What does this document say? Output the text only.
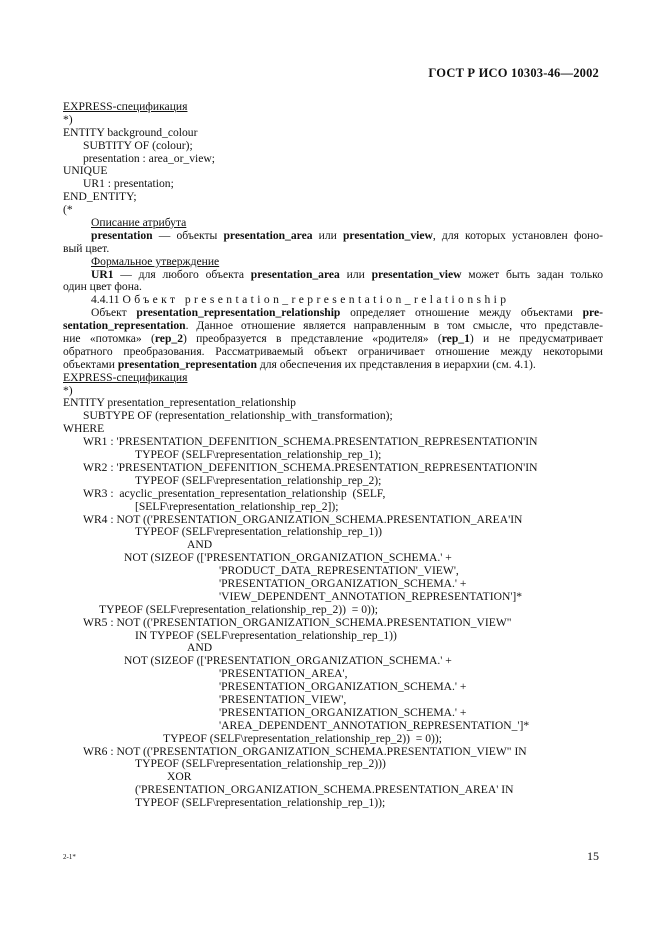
ГОСТ Р ИСО 10303-46—2002
EXPRESS-спецификация
*)
ENTITY background_colour
SUBTITY OF (colour);
presentation : area_or_view;
UNIQUE
UR1 : presentation;
END_ENTITY;
(*
Описание атрибута
presentation — объекты presentation_area или presentation_view, для которых установлен фоно-
вый цвет.
Формальное утверждение
UR1 — для любого объекта presentation_area или presentation_view может быть задан только
один цвет фона.
4.4.11 Объект presentation_representation_relationship
Объект presentation_representation_relationship определяет отношение между объектами pre-
sentation_representation. Данное отношение является направленным в том смысле, что представле-
ние «потомка» (rep_2) преобразуется в представление «родителя» (rep_1) и не предусматривает
обратного преобразования. Рассматриваемый объект ограничивает отношение между некоторыми
объектами presentation_representation для обеспечения их представления в иерархии (см. 4.1).
EXPRESS-спецификация
*)
ENTITY presentation_representation_relationship
SUBTYPE OF (representation_relationship_with_transformation);
WHERE
WR1 : 'PRESENTATION_DEFENITION_SCHEMA.PRESENTATION_REPRESENTATION'IN
TYPEOF (SELF\representation_relationship_rep_1);
WR2 : 'PRESENTATION_DEFENITION_SCHEMA.PRESENTATION_REPRESENTATION'IN
TYPEOF (SELF\representation_relationship_rep_2);
WR3 :  acyclic_presentation_representation_relationship  (SELF,
[SELF\representation_relationship_rep_2]);
WR4 : NOT (('PRESENTATION_ORGANIZATION_SCHEMA.PRESENTATION_AREA'IN
TYPEOF (SELF\representation_relationship_rep_1))
AND
NOT (SIZEOF (['PRESENTATION_ORGANIZATION_SCHEMA.' +
'PRODUCT_DATA_REPRESENTATION'_VIEW',
'PRESENTATION_ORGANIZATION_SCHEMA.' +
'VIEW_DEPENDENT_ANNOTATION_REPRESENTATION']*
TYPEOF (SELF\representation_relationship_rep_2))  = 0));
WR5 : NOT (('PRESENTATION_ORGANIZATION_SCHEMA.PRESENTATION_VIEW"
IN TYPEOF (SELF\representation_relationship_rep_1))
AND
NOT (SIZEOF (['PRESENTATION_ORGANIZATION_SCHEMA.' +
'PRESENTATION_AREA',
'PRESENTATION_ORGANIZATION_SCHEMA.' +
'PRESENTATION_VIEW',
'PRESENTATION_ORGANIZATION_SCHEMA.' +
'AREA_DEPENDENT_ANNOTATION_REPRESENTATION_']*
TYPEOF (SELF\representation_relationship_rep_2))  = 0));
WR6 : NOT (('PRESENTATION_ORGANIZATION_SCHEMA.PRESENTATION_VIEW" IN
TYPEOF (SELF\representation_relationship_rep_2)))
XOR
('PRESENTATION_ORGANIZATION_SCHEMA.PRESENTATION_AREA' IN
TYPEOF (SELF\representation_relationship_rep_1));
2-1*	15
